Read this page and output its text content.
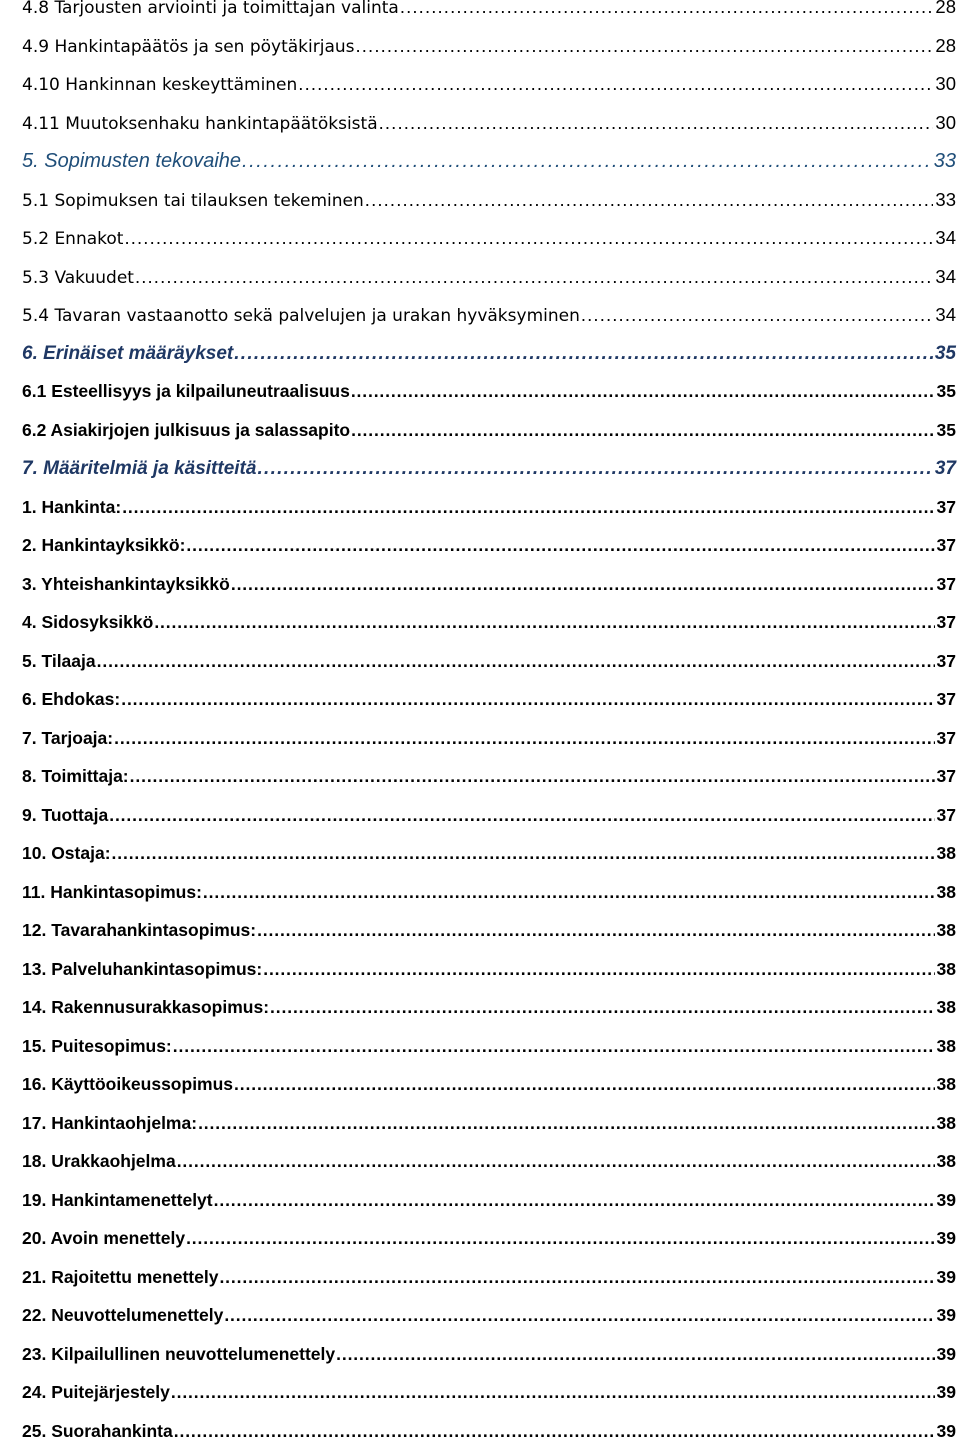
4.8 Tarjousten arviointi ja toimittajan valinta . . .	28
4.9 Hankintapäätös ja sen pöytäkirjaus . . .	28
4.10 Hankinnan keskeyttäminen . . .	30
4.11 Muutoksenhaku hankintapäätöksistä . . .	30
5. Sopimusten tekovaihe . . .	33
5.1 Sopimuksen tai tilauksen tekeminen . . .	33
5.2 Ennakot . . .	34
5.3 Vakuudet . . .	34
5.4 Tavaran vastaanotto sekä palvelujen ja urakan hyväksyminen . . .	34
6. Erinäiset määräykset . . .	35
6.1 Esteellisyys ja kilpailuneutraalisuus . . .	35
6.2 Asiakirjojen julkisuus ja salassapito . . .	35
7. Määritelmiä ja käsitteitä . . .	37
1. Hankinta: . . .	37
2. Hankintayksikkö: . . .	37
3. Yhteishankintayksikkö . . .	37
4. Sidosyksikkö . . .	37
5. Tilaaja . . .	37
6. Ehdokas: . . .	37
7. Tarjoaja: . . .	37
8. Toimittaja: . . .	37
9. Tuottaja . . .	37
10. Ostaja: . . .	38
11. Hankintasopimus: . . .	38
12. Tavarahankintasopimus: . . .	38
13. Palveluhankintasopimus: . . .	38
14. Rakennusurakkasopimus: . . .	38
15. Puitesopimus: . . .	38
16. Käyttöoikeussopimus . . .	38
17. Hankintaohjelma: . . .	38
18. Urakkaohjelma . . .	38
19. Hankintamenettelyt . . .	39
20. Avoin menettely . . .	39
21. Rajoitettu menettely . . .	39
22. Neuvottelumenettely . . .	39
23. Kilpailullinen neuvottelumenettely . . .	39
24. Puitejärjestely . . .	39
25. Suorahankinta . . .	39
